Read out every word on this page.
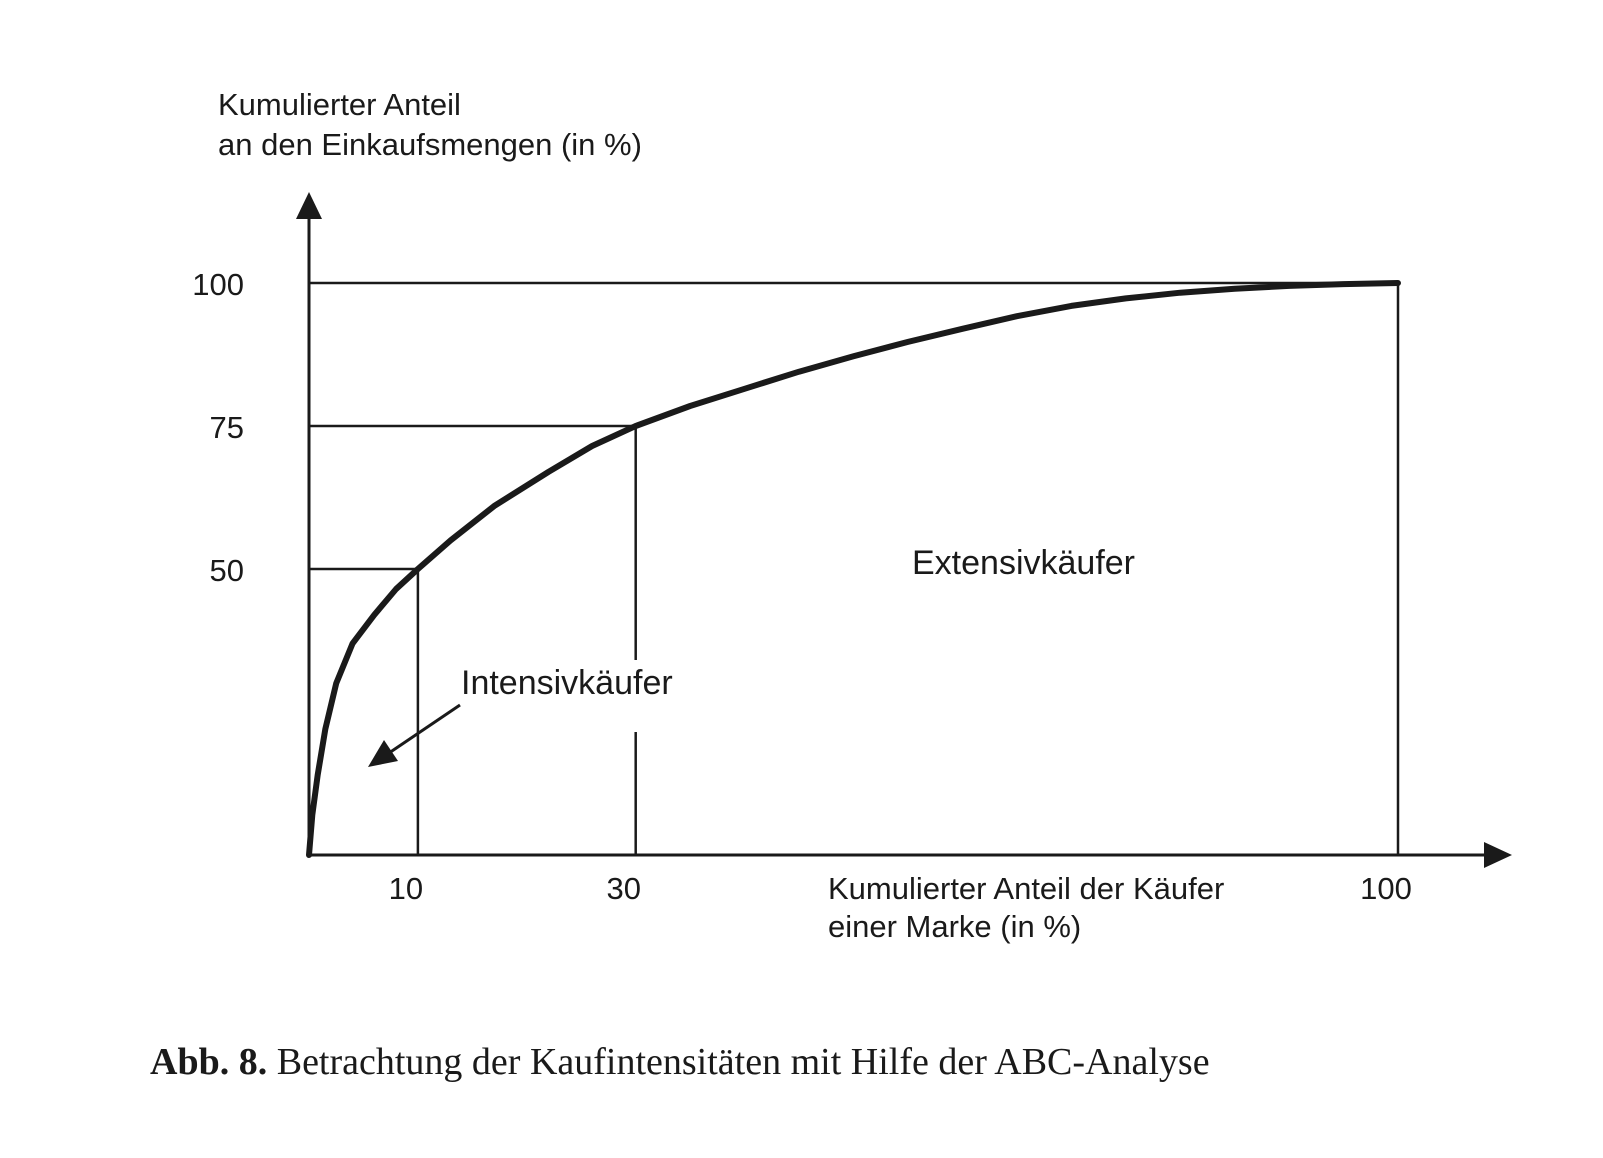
Kumulierter Anteil
an den Einkaufsmengen (in %)
Kumulierter Anteil der Käufer
einer Marke (in %)
50
75
100
10	30	100
Intensivkäufer
Extensivkäufer
Abb. 8. Betrachtung der Kaufintensitäten mit Hilfe der ABC-Analyse
